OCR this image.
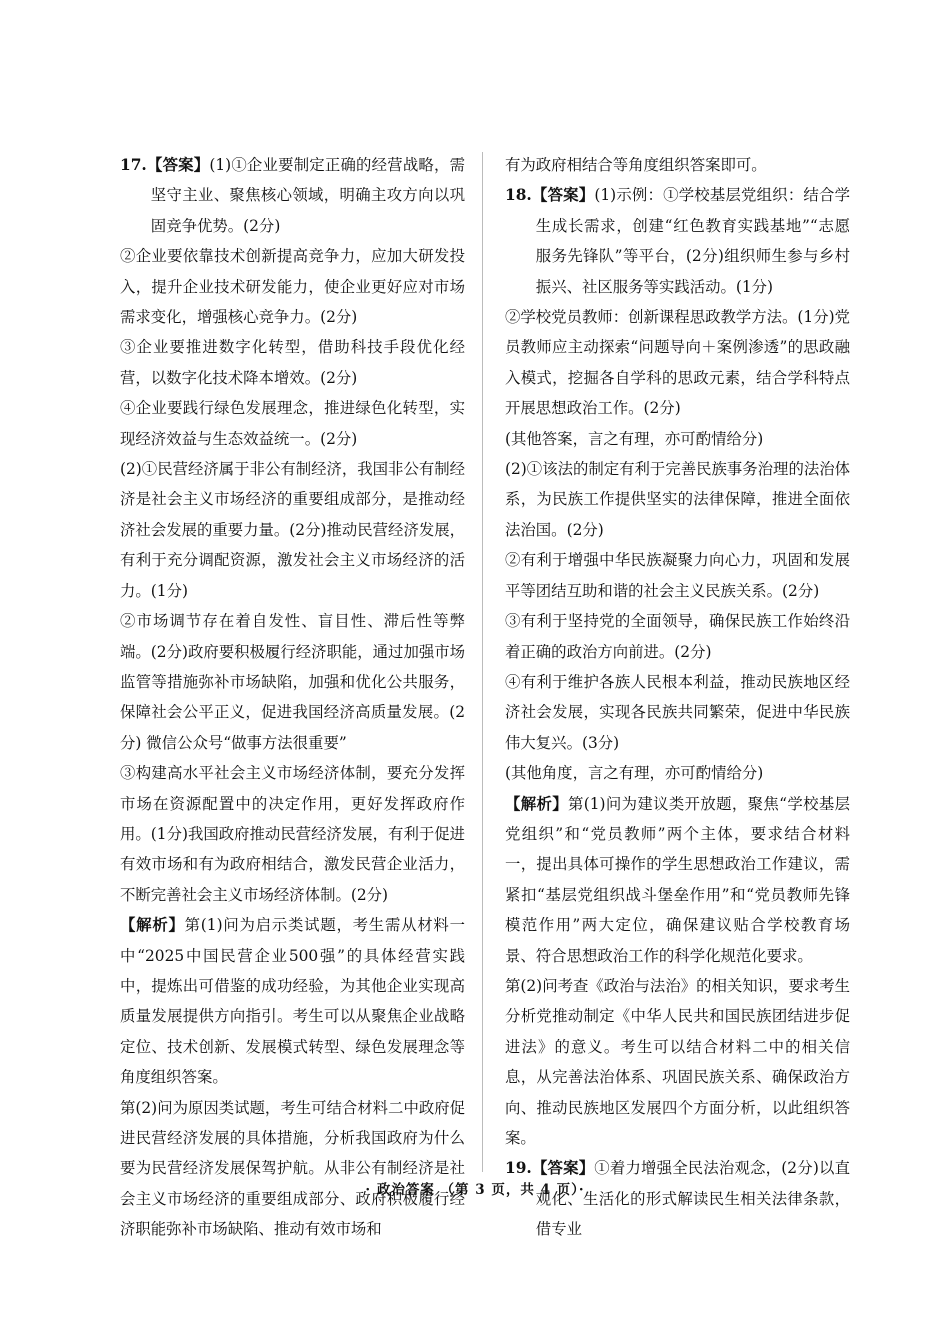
17.【答案】(1)①企业要制定正确的经营战略，需坚守主业、聚焦核心领域，明确主攻方向以巩固竞争优势。(2分)

②企业要依靠技术创新提高竞争力，应加大研发投入，提升企业技术研发能力，使企业更好应对市场需求变化，增强核心竞争力。(2分)

③企业要推进数字化转型，借助科技手段优化经营，以数字化技术降本增效。(2分)

④企业要践行绿色发展理念，推进绿色化转型，实现经济效益与生态效益统一。(2分)

(2)①民营经济属于非公有制经济，我国非公有制经济是社会主义市场经济的重要组成部分，是推动经济社会发展的重要力量。(2分)推动民营经济发展，有利于充分调配资源，激发社会主义市场经济的活力。(1分)

②市场调节存在着自发性、盲目性、滞后性等弊端。(2分)政府要积极履行经济职能，通过加强市场监管等措施弥补市场缺陷，加强和优化公共服务，保障社会公平正义，促进我国经济高质量发展。(2分) 微信公众号“做事方法很重要”

③构建高水平社会主义市场经济体制，要充分发挥市场在资源配置中的决定作用，更好发挥政府作用。(1分)我国政府推动民营经济发展，有利于促进有效市场和有为政府相结合，激发民营企业活力，不断完善社会主义市场经济体制。(2分)

【解析】第(1)问为启示类试题，考生需从材料一中“2025中国民营企业500强”的具体经营实践中，提炼出可借鉴的成功经验，为其他企业实现高质量发展提供方向指引。考生可以从聚焦企业战略定位、技术创新、发展模式转型、绿色发展理念等角度组织答案。

第(2)问为原因类试题，考生可结合材料二中政府促进民营经济发展的具体措施，分析我国政府为什么要为民营经济发展保驾护航。从非公有制经济是社会主义市场经济的重要组成部分、政府积极履行经济职能弥补市场缺陷、推动有效市场和

有为政府相结合等角度组织答案即可。

18.【答案】(1)示例：①学校基层党组织：结合学生成长需求，创建“红色教育实践基地”“志愿服务先锋队”等平台，(2分)组织师生参与乡村振兴、社区服务等实践活动。(1分)

②学校党员教师：创新课程思政教学方法。(1分)党员教师应主动探索“问题导向＋案例渗透”的思政融入模式，挖掘各自学科的思政元素，结合学科特点开展思想政治工作。(2分)

(其他答案，言之有理，亦可酌情给分)

(2)①该法的制定有利于完善民族事务治理的法治体系，为民族工作提供坚实的法律保障，推进全面依法治国。(2分)

②有利于增强中华民族凝聚力向心力，巩固和发展平等团结互助和谐的社会主义民族关系。(2分)

③有利于坚持党的全面领导，确保民族工作始终沿着正确的政治方向前进。(2分)

④有利于维护各族人民根本利益，推动民族地区经济社会发展，实现各民族共同繁荣，促进中华民族伟大复兴。(3分)

(其他角度，言之有理，亦可酌情给分)

【解析】第(1)问为建议类开放题，聚焦“学校基层党组织”和“党员教师”两个主体，要求结合材料一，提出具体可操作的学生思想政治工作建议，需紧扣“基层党组织战斗堡垒作用”和“党员教师先锋模范作用”两大定位，确保建议贴合学校教育场景、符合思想政治工作的科学化规范化要求。

第(2)问考查《政治与法治》的相关知识，要求考生分析党推动制定《中华人民共和国民族团结进步促进法》的意义。考生可以结合材料二中的相关信息，从完善法治体系、巩固民族关系、确保政治方向、推动民族地区发展四个方面分析，以此组织答案。

19.【答案】①着力增强全民法治观念，(2分)以直观化、生活化的形式解读民生相关法律条款，借专业

· 政治答案 （第 3 页，共 4 页）·
